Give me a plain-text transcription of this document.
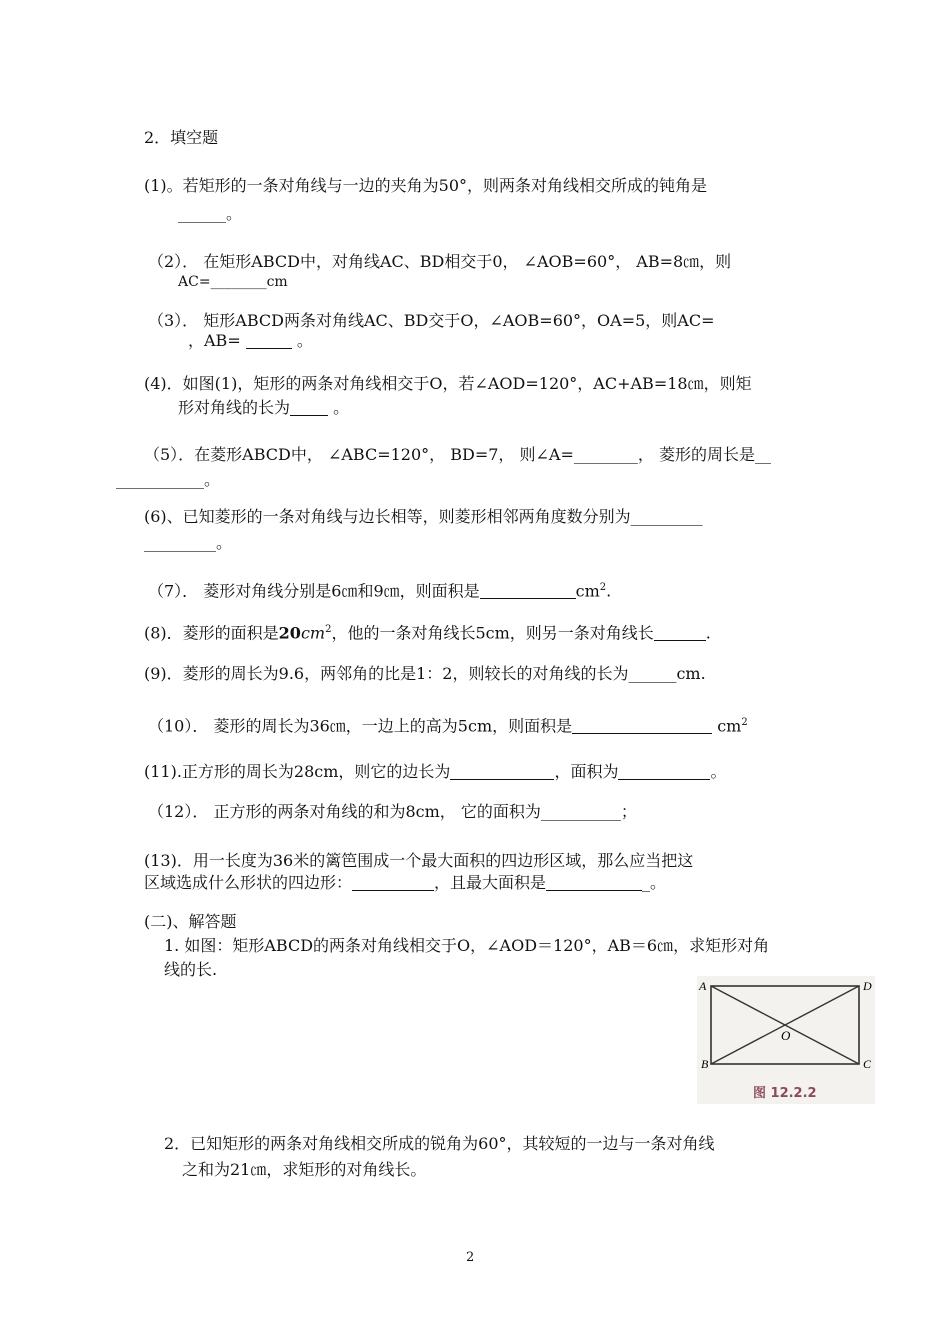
2．填空题
(1)。若矩形的一条对角线与一边的夹角为50°，则两条对角线相交所成的钝角是
______。
（2）． 在矩形ABCD中，对角线AC、BD相交于0， ∠AOB=60°， AB=8㎝，则
AC=________cm
（3）． 矩形ABCD两条对角线AC、BD交于O，∠AOB=60°，OA=5，则AC=
，AB=	。
(4)．如图(1)，矩形的两条对角线相交于O，若∠AOD=120°，AC+AB=18㎝，则矩
形对角线的长为	。
（5）．在菱形ABCD中， ∠ABC=120°， BD=7， 则∠A=________， 菱形的周长是__
___________。
(6)、已知菱形的一条对角线与边长相等，则菱形相邻两角度数分别为_________
_________。
（7）． 菱形对角线分别是6㎝和9㎝，则面积是	$cm^2$.
(8)．菱形的面积是$20cm^2$，他的一条对角线长5cm，则另一条对角线长	.
(9)．菱形的周长为9.6，两邻角的比是1：2，则较长的对角线的长为______cm.
（10）． 菱形的周长为36㎝，一边上的高为5cm，则面积是	$cm^2$
(11).正方形的周长为28cm，则它的边长为	，面积为	。
（12）． 正方形的两条对角线的和为8cm， 它的面积为__________；
(13)．用一长度为36米的篱笆围成一个最大面积的四边形区域，那么应当把这
区域选成什么形状的四边形：	，且最大面积是	_。
(二)、解答题
1. 如图：矩形ABCD的两条对角线相交于O，∠AOD＝120°，AB＝6㎝，求矩形对角
线的长.
A	D
B	C
O
图 12.2.2
2．已知矩形的两条对角线相交所成的锐角为60°，其较短的一边与一条对角线
之和为21㎝，求矩形的对角线长。
2
